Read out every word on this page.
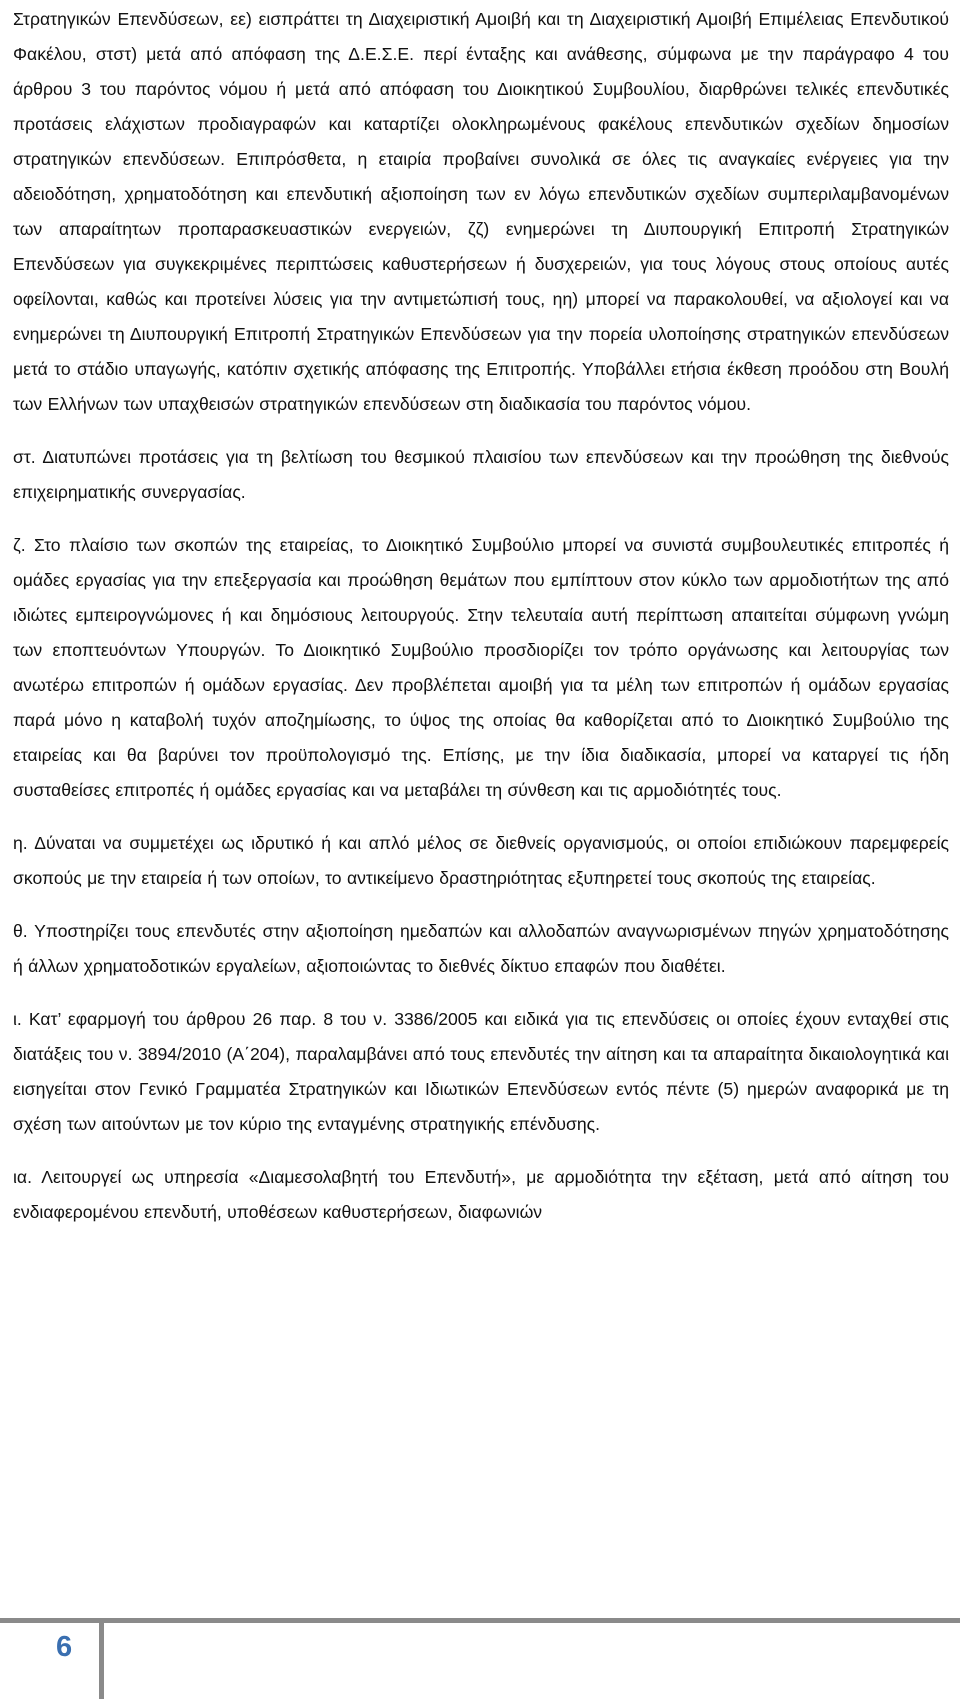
Στρατηγικών Επενδύσεων, εε) εισπράττει τη Διαχειριστική Αμοιβή και τη Διαχειριστική Αμοιβή Επιμέλειας Επενδυτικού Φακέλου, στστ) μετά από απόφαση της Δ.Ε.Σ.Ε. περί ένταξης και ανάθεσης, σύμφωνα με την παράγραφο 4 του άρθρου 3 του παρόντος νόμου ή μετά από απόφαση του Διοικητικού Συμβουλίου, διαρθρώνει τελικές επενδυτικές προτάσεις ελάχιστων προδιαγραφών και καταρτίζει ολοκληρωμένους φακέλους επενδυτικών σχεδίων δημοσίων στρατηγικών επενδύσεων. Επιπρόσθετα, η εταιρία προβαίνει συνολικά σε όλες τις αναγκαίες ενέργειες για την αδειοδότηση, χρηματοδότηση και επενδυτική αξιοποίηση των εν λόγω επενδυτικών σχεδίων συμπεριλαμβανομένων των απαραίτητων προπαρασκευαστικών ενεργειών, ζζ) ενημερώνει τη Διυπουργική Επιτροπή Στρατηγικών Επενδύσεων για συγκεκριμένες περιπτώσεις καθυστερήσεων ή δυσχερειών, για τους λόγους στους οποίους αυτές οφείλονται, καθώς και προτείνει λύσεις για την αντιμετώπισή τους, ηη) μπορεί να παρακολουθεί, να αξιολογεί και να ενημερώνει τη Διυπουργική Επιτροπή Στρατηγικών Επενδύσεων για την πορεία υλοποίησης στρατηγικών επενδύσεων μετά το στάδιο υπαγωγής, κατόπιν σχετικής απόφασης της Επιτροπής. Υποβάλλει ετήσια έκθεση προόδου στη Βουλή των Ελλήνων των υπαχθεισών στρατηγικών επενδύσεων στη διαδικασία του παρόντος νόμου.

στ. Διατυπώνει προτάσεις για τη βελτίωση του θεσμικού πλαισίου των επενδύσεων και την προώθηση της διεθνούς επιχειρηματικής συνεργασίας.

ζ. Στο πλαίσιο των σκοπών της εταιρείας, το Διοικητικό Συμβούλιο μπορεί να συνιστά συμβουλευτικές επιτροπές ή ομάδες εργασίας για την επεξεργασία και προώθηση θεμάτων που εμπίπτουν στον κύκλο των αρμοδιοτήτων της από ιδιώτες εμπειρογνώμονες ή και δημόσιους λειτουργούς. Στην τελευταία αυτή περίπτωση απαιτείται σύμφωνη γνώμη των εποπτευόντων Υπουργών. Το Διοικητικό Συμβούλιο προσδιορίζει τον τρόπο οργάνωσης και λειτουργίας των ανωτέρω επιτροπών ή ομάδων εργασίας. Δεν προβλέπεται αμοιβή για τα μέλη των επιτροπών ή ομάδων εργασίας παρά μόνο η καταβολή τυχόν αποζημίωσης, το ύψος της οποίας θα καθορίζεται από το Διοικητικό Συμβούλιο της εταιρείας και θα βαρύνει τον προϋπολογισμό της. Επίσης, με την ίδια διαδικασία, μπορεί να καταργεί τις ήδη συσταθείσες επιτροπές ή ομάδες εργασίας και να μεταβάλει τη σύνθεση και τις αρμοδιότητές τους.

η. Δύναται να συμμετέχει ως ιδρυτικό ή και απλό μέλος σε διεθνείς οργανισμούς, οι οποίοι επιδιώκουν παρεμφερείς σκοπούς με την εταιρεία ή των οποίων, το αντικείμενο δραστηριότητας εξυπηρετεί τους σκοπούς της εταιρείας.

θ. Υποστηρίζει τους επενδυτές στην αξιοποίηση ημεδαπών και αλλοδαπών αναγνωρισμένων πηγών χρηματοδότησης ή άλλων χρηματοδοτικών εργαλείων, αξιοποιώντας το διεθνές δίκτυο επαφών που διαθέτει.

ι. Κατ’ εφαρμογή του άρθρου 26 παρ. 8 του ν. 3386/2005 και ειδικά για τις επενδύσεις οι οποίες έχουν ενταχθεί στις διατάξεις του ν. 3894/2010 (Α΄204), παραλαμβάνει από τους επενδυτές την αίτηση και τα απαραίτητα δικαιολογητικά και εισηγείται στον Γενικό Γραμματέα Στρατηγικών και Ιδιωτικών Επενδύσεων εντός πέντε (5) ημερών αναφορικά με τη σχέση των αιτούντων με τον κύριο της ενταγμένης στρατηγικής επένδυσης.

ια. Λειτουργεί ως υπηρεσία «Διαμεσολαβητή του Επενδυτή», με αρμοδιότητα την εξέταση, μετά από αίτηση του ενδιαφερομένου επενδυτή, υποθέσεων καθυστερήσεων, διαφωνιών

6
